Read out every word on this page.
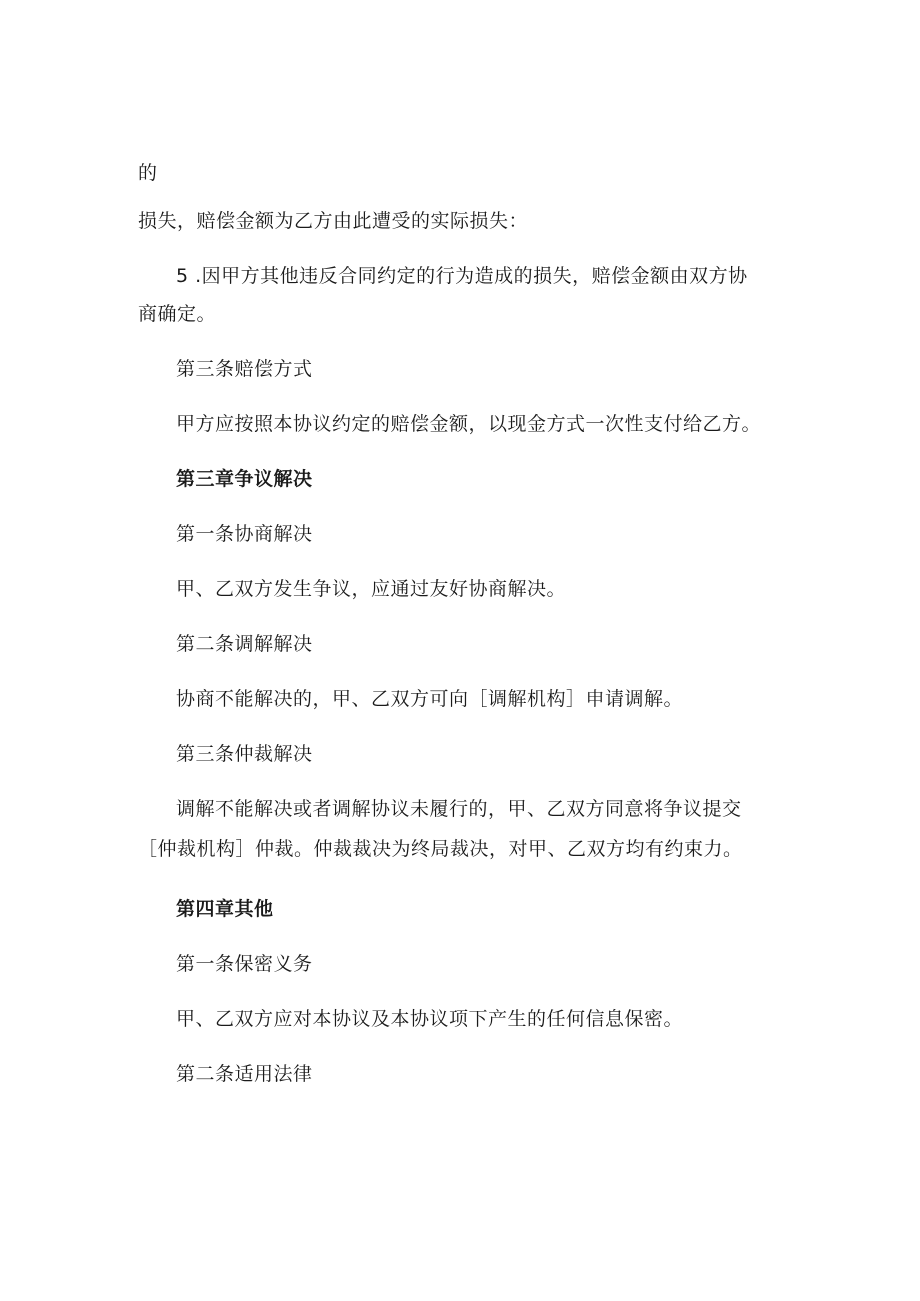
的

损失，赔偿金额为乙方由此遭受的实际损失：

5 .因甲方其他违反合同约定的行为造成的损失，赔偿金额由双方协

商确定。

第三条赔偿方式

甲方应按照本协议约定的赔偿金额，以现金方式一次性支付给乙方。

第三章争议解决

第一条协商解决

甲、乙双方发生争议，应通过友好协商解决。

第二条调解解决

协商不能解决的，甲、乙双方可向［调解机构］申请调解。

第三条仲裁解决

调解不能解决或者调解协议未履行的，甲、乙双方同意将争议提交

［仲裁机构］仲裁。仲裁裁决为终局裁决，对甲、乙双方均有约束力。

第四章其他

第一条保密义务

甲、乙双方应对本协议及本协议项下产生的任何信息保密。

第二条适用法律
